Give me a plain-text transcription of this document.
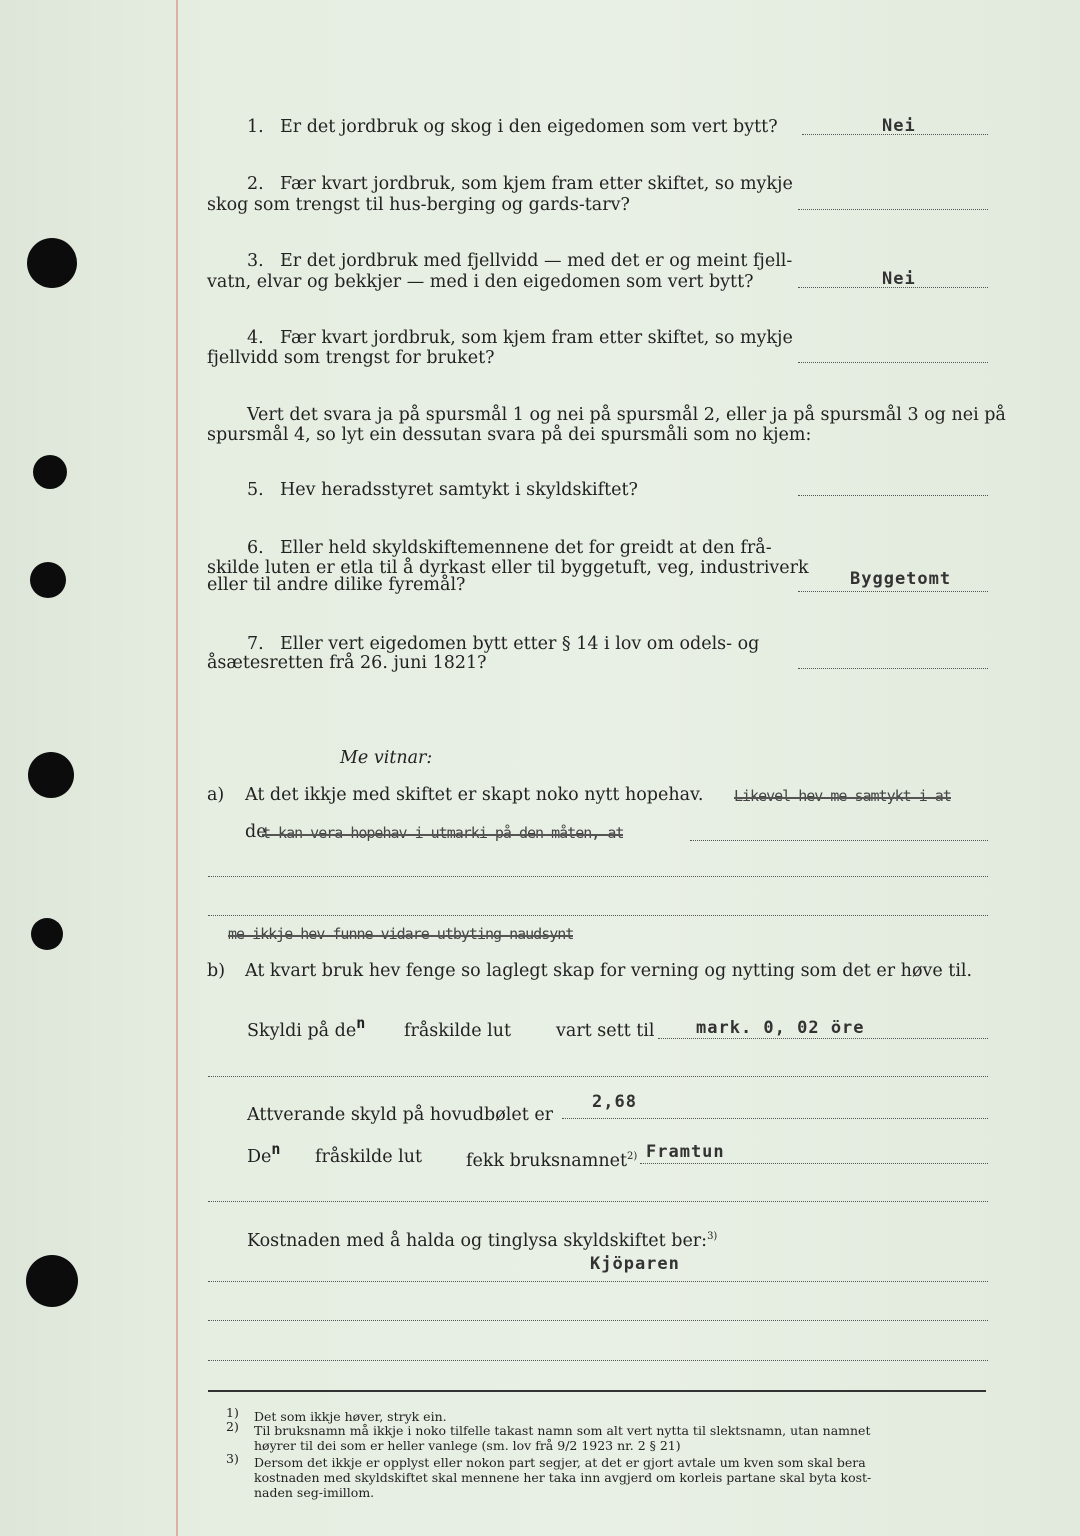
1. Er det jordbruk og skog i den eigedomen som vert bytt?	Nei
2. Fær kvart jordbruk, som kjem fram etter skiftet, so mykje
skog som trengst til hus-berging og gards-tarv?
3. Er det jordbruk med fjellvidd — med det er og meint fjell-
vatn, elvar og bekkjer — med i den eigedomen som vert bytt?	Nei
4. Fær kvart jordbruk, som kjem fram etter skiftet, so mykje
fjellvidd som trengst for bruket?
Vert det svara ja på spursmål 1 og nei på spursmål 2, eller ja på spursmål 3 og nei på
spursmål 4, so lyt ein dessutan svara på dei spursmåli som no kjem:
5. Hev heradsstyret samtykt i skyldskiftet?
6. Eller held skyldskiftemennene det for greidt at den frå-
skilde luten er etla til å dyrkast eller til byggetuft, veg, industriverk
eller til andre dilike fyremål?	Byggetomt
7. Eller vert eigedomen bytt etter § 14 i lov om odels- og
åsætesretten frå 26. juni 1821?
Me vitnar:
a) At det ikkje med skiftet er skapt noko nytt hopehav. Likevel hev me samtykt i at
de
t kan vera hopehav i utmarki på den måten, at
me ikkje hev funne vidare utbyting naudsynt
b) At kvart bruk hev fenge so laglegt skap for verning og nytting som det er høve til.
Skyldi på den fråskilde lut	vart sett til mark. 0, 02 öre
Attverande skyld på hovudbølet er
2,68
Den fråskilde lut	fekk bruksnamnet$^{2)}$ Framtun
Kostnaden med å halda og tinglysa skyldskiftet ber:$^{3)}$
Kjöparen
1) Det som ikkje høver, stryk ein.
2) Til bruksnamn må ikkje i noko tilfelle takast namn som alt vert nytta til slektsnamn, utan namnet
høyrer til dei som er heller vanlege (sm. lov frå 9/2 1923 nr. 2 § 21)
3) Dersom det ikkje er opplyst eller nokon part segjer, at det er gjort avtale um kven som skal bera
kostnaden med skyldskiftet skal mennene her taka inn avgjerd om korleis partane skal byta kost-
naden seg-imillom.
